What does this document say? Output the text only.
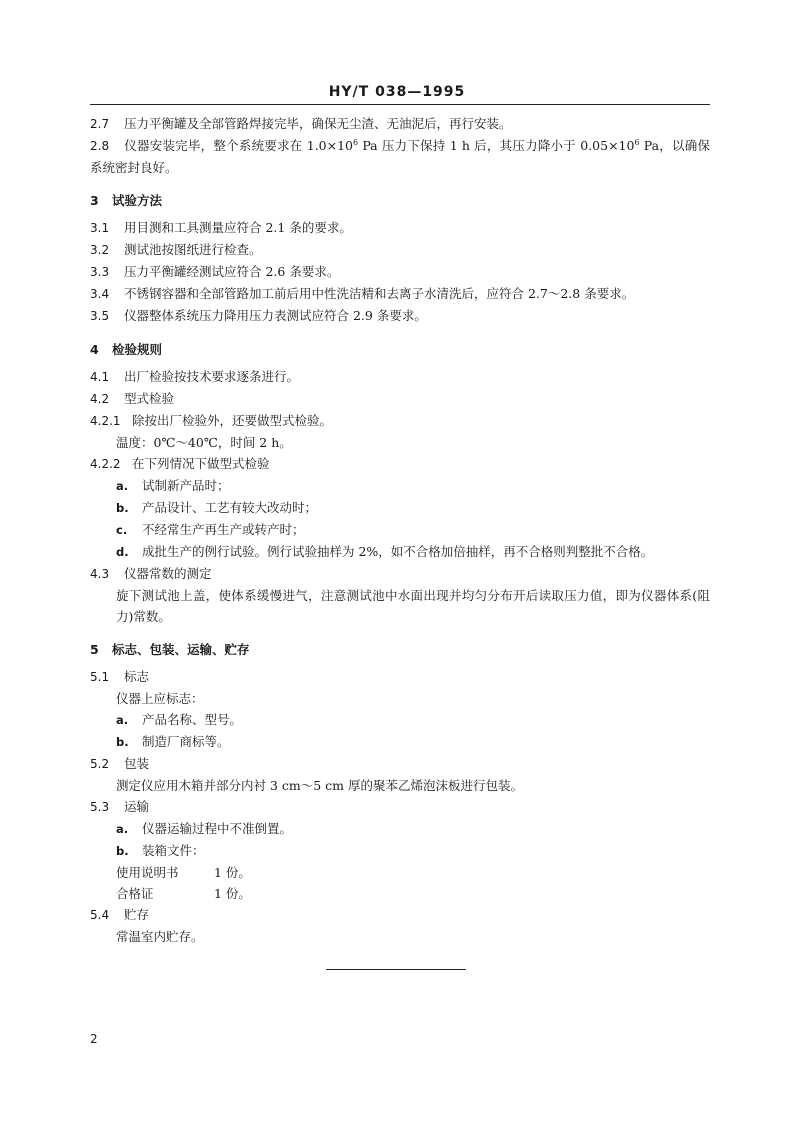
HY/T 038—1995
2.7 压力平衡罐及全部管路焊接完毕，确保无尘渣、无油泥后，再行安装。
2.8 仪器安装完毕，整个系统要求在 $1.0\times 10^6$ Pa 压力下保持 1 h 后，其压力降小于 $0.05\times 10^6$ Pa，以确保系统密封良好。
3 试验方法
3.1 用目测和工具测量应符合 2.1 条的要求。
3.2 测试池按图纸进行检查。
3.3 压力平衡罐经测试应符合 2.6 条要求。
3.4 不锈钢容器和全部管路加工前后用中性洗洁精和去离子水清洗后，应符合 2.7～2.8 条要求。
3.5 仪器整体系统压力降用压力表测试应符合 2.9 条要求。
4 检验规则
4.1 出厂检验按技术要求逐条进行。
4.2 型式检验
4.2.1 除按出厂检验外，还要做型式检验。
温度：0℃～40℃，时间 2 h。
4.2.2 在下列情况下做型式检验
a. 试制新产品时；
b. 产品设计、工艺有较大改动时；
c. 不经常生产再生产或转产时；
d. 成批生产的例行试验。例行试验抽样为 2%，如不合格加倍抽样，再不合格则判整批不合格。
4.3 仪器常数的测定
旋下测试池上盖，使体系缓慢进气，注意测试池中水面出现并均匀分布开后读取压力值，即为仪器体系(阻力)常数。
5 标志、包装、运输、贮存
5.1 标志
仪器上应标志：
a. 产品名称、型号。
b. 制造厂商标等。
5.2 包装
测定仪应用木箱并部分内衬 3 cm～5 cm 厚的聚苯乙烯泡沫板进行包装。
5.3 运输
a. 仪器运输过程中不准倒置。
b. 装箱文件：
使用说明书	1 份。
合格证	1 份。
5.4 贮存
常温室内贮存。
2
